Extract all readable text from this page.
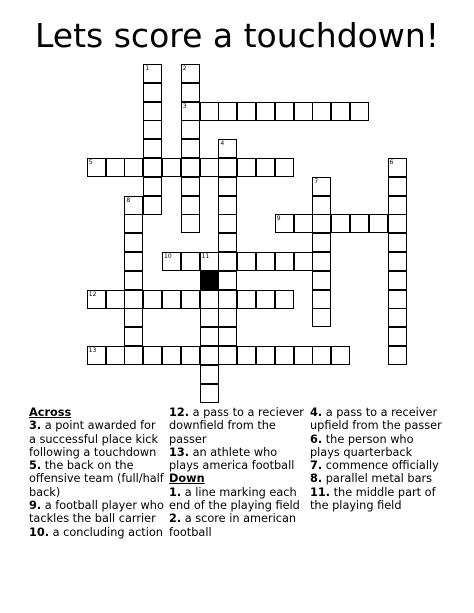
Lets score a touchdown!
1	2
3
4
5	6
7
8
9
10	11
12
13
Across
3. a point awarded for a successful place kick following a touchdown
5. the back on the offensive team (full/half back)
9. a football player who tackles the ball carrier
10. a concluding action
12. a pass to a reciever downfield from the passer
13. an athlete who plays america football
Down
1. a line marking each end of the playing field
2. a score in american football
4. a pass to a receiver upfield from the passer
6. the person who plays quarterback
7. commence officially
8. parallel metal bars
11. the middle part of the playing field
